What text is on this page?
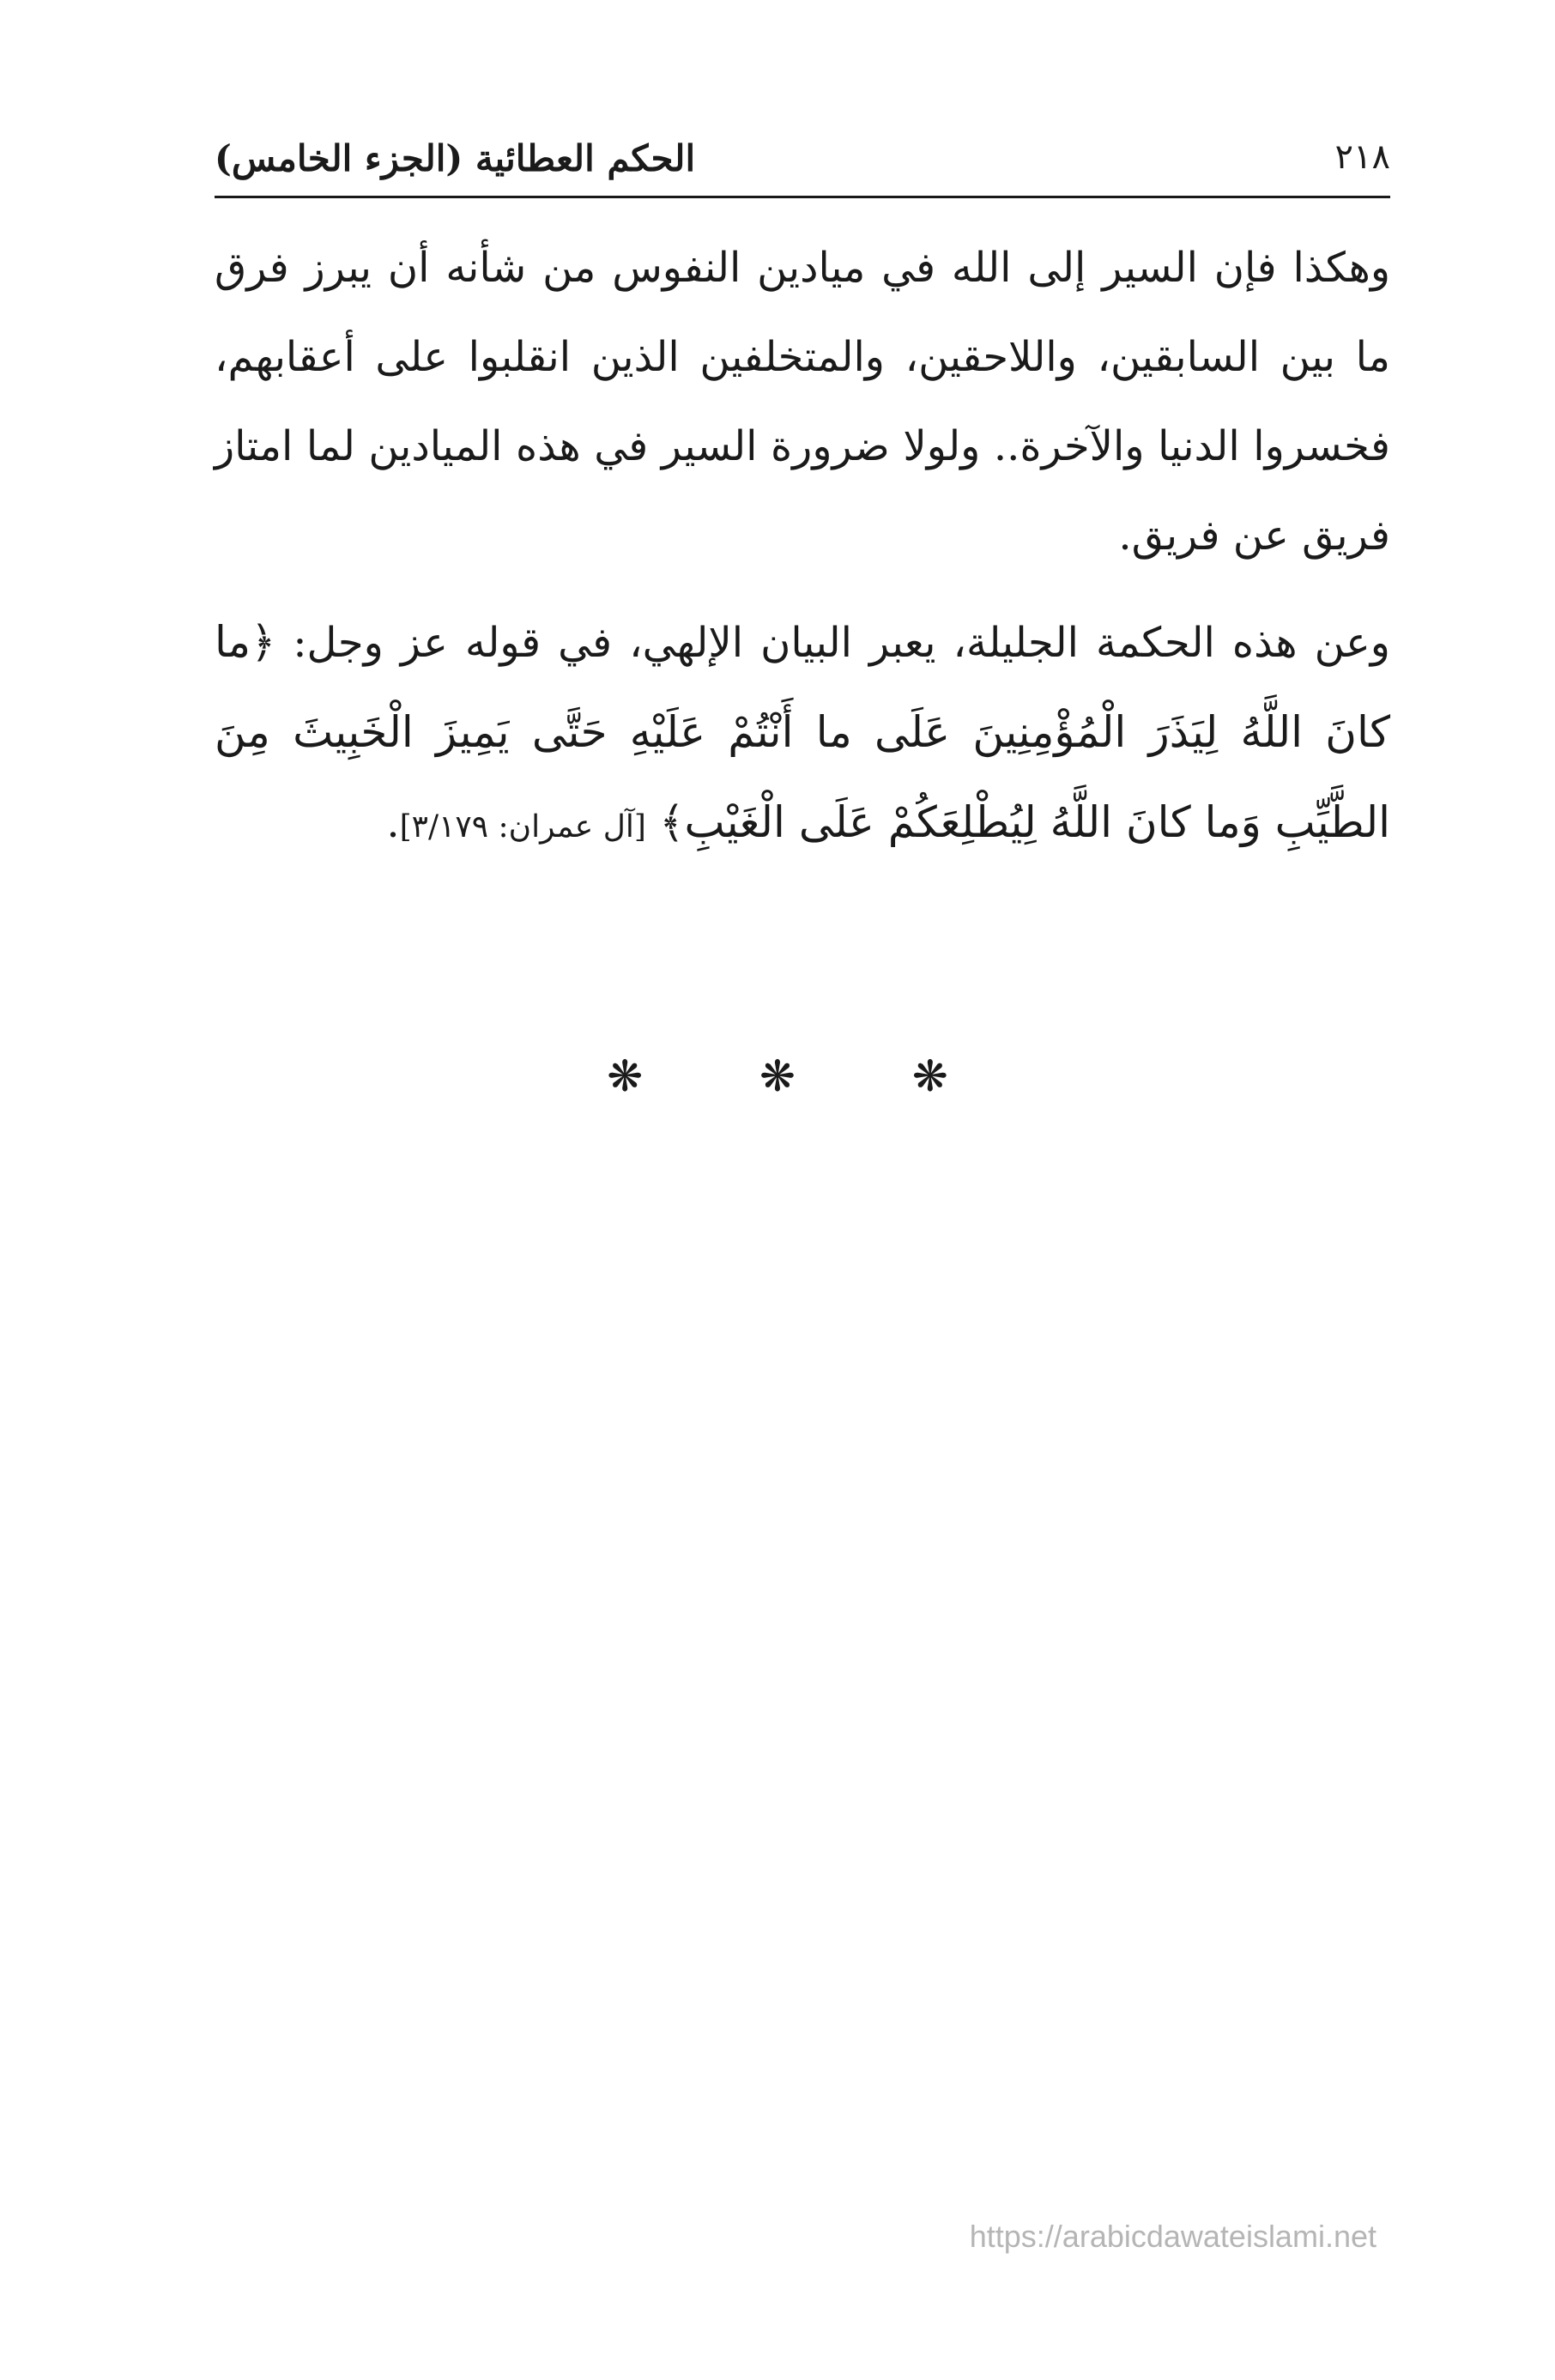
٢١٨
الحكم العطائية (الجزء الخامس)

وهكذا فإن السير إلى الله في ميادين النفوس من شأنه أن يبرز فرق ما بين السابقين، واللاحقين، والمتخلفين الذين انقلبوا على أعقابهم، فخسروا الدنيا والآخرة.. ولولا ضرورة السير في هذه الميادين لما امتاز فريق عن فريق.

وعن هذه الحكمة الجليلة، يعبر البيان الإلهي، في قوله عز وجل: ﴿ما كانَ اللَّهُ لِيَذَرَ الْمُؤْمِنِينَ عَلَى ما أَنْتُمْ عَلَيْهِ حَتَّى يَمِيزَ الْخَبِيثَ مِنَ الطَّيِّبِ وَما كانَ اللَّهُ لِيُطْلِعَكُمْ عَلَى الْغَيْبِ﴾ [آل عمران: ٣/١٧٩].

❋	❋	❋
https://arabicdawateislami.net
